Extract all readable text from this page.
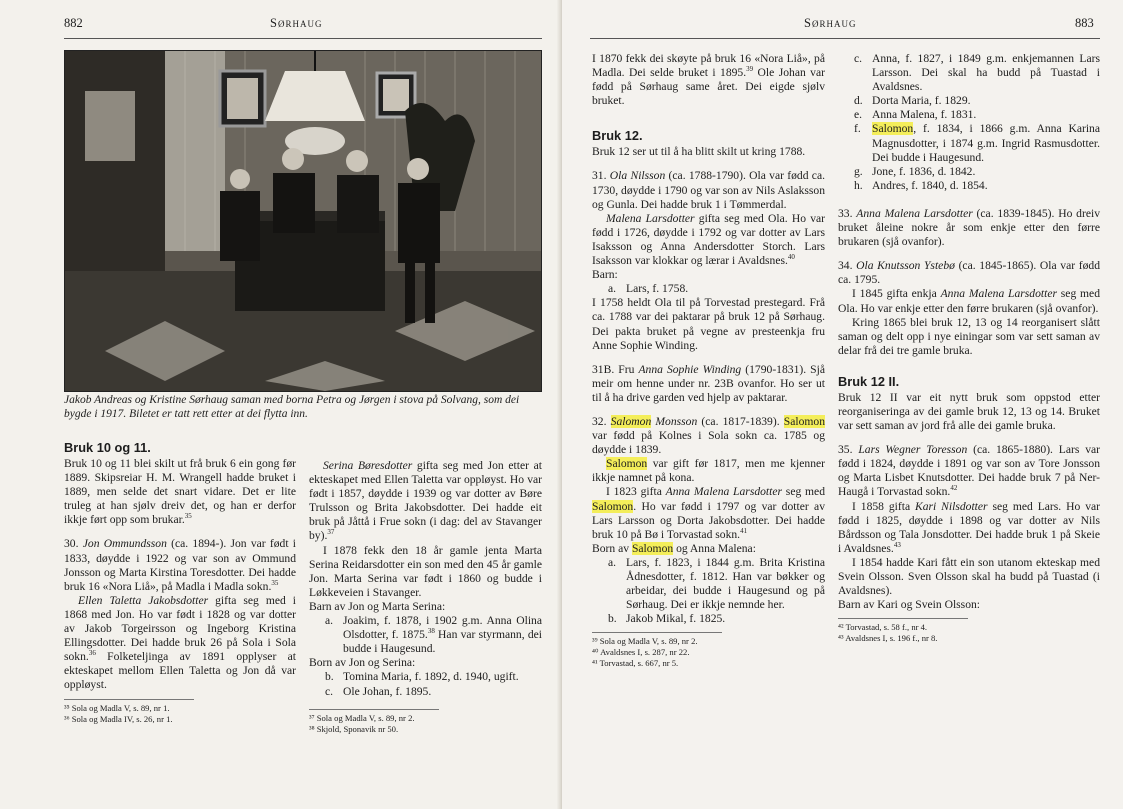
882	Sørhaug
Jakob Andreas og Kristine Sørhaug saman med borna Petra og Jørgen i stova på Solvang, som dei bygde i 1917. Biletet er tatt rett etter at dei flytta inn.
Bruk 10 og 11.

Bruk 10 og 11 blei skilt ut frå bruk 6 ein gong før 1889. Skipsreiar H. M. Wrangell hadde bruket i 1889, men selde det snart vidare. Det er lite truleg at han sjølv dreiv det, og han er derfor ikkje ført opp som brukar.$^{35}$

30. Jon Ommundsson (ca. 1894-). Jon var født i 1833, døydde i 1922 og var son av Ommund Jonsson og Marta Kirstina Toresdotter. Dei hadde bruk 16 «Nora Liå», på Madla i Madla sokn.$^{35}$

Ellen Taletta Jakobsdotter gifta seg med i 1868 med Jon. Ho var født i 1828 og var dotter av Jakob Torgeirsson og Ingeborg Kristina Ellingsdotter. Dei hadde bruk 26 på Sola i Sola sokn.$^{36}$ Folketeljinga av 1891 opplyser at ekteskapet mellom Ellen Taletta og Jon då var oppløyst.

³⁵ Sola og Madla V, s. 89, nr 1.

³⁶ Sola og Madla IV, s. 26, nr 1.

Serina Børesdotter gifta seg med Jon etter at ekteskapet med Ellen Taletta var oppløyst. Ho var født i 1857, døydde i 1939 og var dotter av Børe Trulsson og Brita Jakobsdotter. Dei hadde eit bruk på Jåttå i Frue sokn (i dag: del av Stavanger by).$^{37}$

I 1878 fekk den 18 år gamle jenta Marta Serina Reidarsdotter ein son med den 45 år gamle Jon. Marta Serina var født i 1860 og budde i Løkkeveien i Stavanger.

Barn av Jon og Marta Serina:

a. Joakim, f. 1878, i 1902 g.m. Anna Olina Olsdotter, f. 1875.38 Han var styrmann, dei budde i Haugesund.

Born av Jon og Serina:

b. Tomina Maria, f. 1892, d. 1940, ugift.

c. Ole Johan, f. 1895.

³⁷ Sola og Madla V, s. 89, nr 2.

³⁸ Skjold, Sponavik nr 50.

Sørhaug	883

I 1870 fekk dei skøyte på bruk 16 «Nora Liå», på Madla. Dei selde bruket i 1895.39 Ole Johan var fødd på Sørhaug same året. Dei eigde sjølv bruket.

Bruk 12.

Bruk 12 ser ut til å ha blitt skilt ut kring 1788.

31. Ola Nilsson (ca. 1788-1790). Ola var fødd ca. 1730, døydde i 1790 og var son av Nils Aslaksson og Gunla. Dei hadde bruk 1 i Tømmerdal.

Malena Larsdotter gifta seg med Ola. Ho var fødd i 1726, døydde i 1792 og var dotter av Lars Isaksson og Anna Andersdotter Storch. Lars Isaksson var klokkar og lærar i Avaldsnes.$^{40}$

Barn:

a. Lars, f. 1758.

I 1758 heldt Ola til på Torvestad prestegard. Frå ca. 1788 var dei paktarar på bruk 12 på Sørhaug. Dei pakta bruket på vegne av presteenkja fru Anne Sophie Winding.

31B. Fru Anna Sophie Winding (1790-1831). Sjå meir om henne under nr. 23B ovanfor. Ho ser ut til å ha drive garden ved hjelp av paktarar.

32. Salomon Monsson (ca. 1817-1839). Salomon var fødd på Kolnes i Sola sokn ca. 1785 og døydde i 1839.

Salomon var gift før 1817, men me kjenner ikkje namnet på kona.

I 1823 gifta Anna Malena Larsdotter seg med Salomon. Ho var fødd i 1797 og var dotter av Lars Larsson og Dorta Jakobsdotter. Dei hadde bruk 10 på Bø i Torvastad sokn.$^{41}$

Born av Salomon og Anna Malena:

a. Lars, f. 1823, i 1844 g.m. Brita Kristina Ådnesdotter, f. 1812. Han var bøkker og arbeidar, dei budde i Haugesund og på Sørhaug. Dei er ikkje nemnde her.

b. Jakob Mikal, f. 1825.

³⁹ Sola og Madla V, s. 89, nr 2.

⁴⁰ Avaldsnes I, s. 287, nr 22.

⁴¹ Torvastad, s. 667, nr 5.

c. Anna, f. 1827, i 1849 g.m. enkjemannen Lars Larsson. Dei skal ha budd på Tuastad i Avaldsnes.

d. Dorta Maria, f. 1829.

e. Anna Malena, f. 1831.

f. Salomon, f. 1834, i 1866 g.m. Anna Karina Magnusdotter, i 1874 g.m. Ingrid Rasmusdotter. Dei budde i Haugesund.

g. Jone, f. 1836, d. 1842.

h. Andres, f. 1840, d. 1854.

33. Anna Malena Larsdotter (ca. 1839-1845). Ho dreiv bruket åleine nokre år som enkje etter den førre brukaren (sjå ovanfor).

34. Ola Knutsson Ystebø (ca. 1845-1865). Ola var fødd ca. 1795.

I 1845 gifta enkja Anna Malena Larsdotter seg med Ola. Ho var enkje etter den førre brukaren (sjå ovanfor).

Kring 1865 blei bruk 12, 13 og 14 reorganisert slått saman og delt opp i nye einingar som var sett saman av delar frå dei tre gamle bruka.

Bruk 12 II.

Bruk 12 II var eit nytt bruk som oppstod etter reorganiseringa av dei gamle bruk 12, 13 og 14. Bruket var sett saman av jord frå alle dei gamle bruka.

35. Lars Wegner Toresson (ca. 1865-1880). Lars var fødd i 1824, døydde i 1891 og var son av Tore Jonsson og Marta Lisbet Knutsdotter. Dei hadde bruk 7 på Ner-Haugå i Torvastad sokn.$^{42}$

I 1858 gifta Kari Nilsdotter seg med Lars. Ho var fødd i 1825, døydde i 1898 og var dotter av Nils Bårdsson og Tala Jonsdotter. Dei hadde bruk 1 på Skeie i Avaldsnes.$^{43}$

I 1854 hadde Kari fått ein son utanom ekteskap med Svein Olsson. Sven Olsson skal ha budd på Tuastad (i Avaldsnes).

Barn av Kari og Svein Olsson:

⁴² Torvastad, s. 58 f., nr 4.

⁴³ Avaldsnes I, s. 196 f., nr 8.
